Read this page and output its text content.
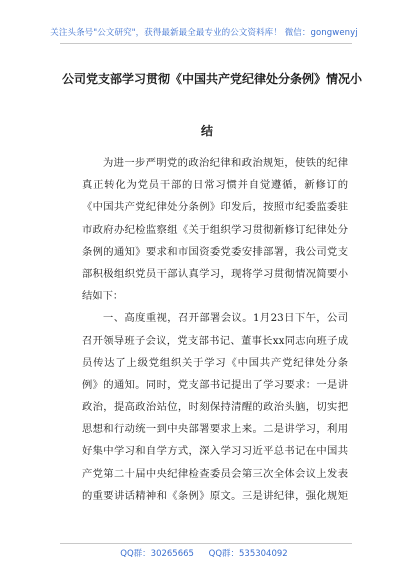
关注头条号"公文研究"，获得最新最全最专业的公文资料库！ 微信：gongwenyj
公司党支部学习贯彻《中国共产党纪律处分条例》情况小
结
为进一步严明党的政治纪律和政治规矩，使铁的纪律
真正转化为党员干部的日常习惯并自觉遵循，新修订的
《中国共产党纪律处分条例》印发后，按照市纪委监委驻
市政府办纪检监察组《关于组织学习贯彻新修订纪律处分
条例的通知》要求和市国资委党委安排部署，我公司党支
部积极组织党员干部认真学习，现将学习贯彻情况简要小
结如下：
一、高度重视，召开部署会议。1月23日下午，公司
召开领导班子会议，党支部书记、董事长xx同志向班子成
员传达了上级党组织关于学习《中国共产党纪律处分条
例》的通知。同时，党支部书记提出了学习要求：一是讲
政治，提高政治站位，时刻保持清醒的政治头脑，切实把
思想和行动统一到中央部署要求上来。二是讲学习，利用
好集中学习和自学方式，深入学习习近平总书记在中国共
产党第二十届中央纪律检查委员会第三次全体会议上发表
的重要讲话精神和《条例》原文。三是讲纪律，强化规矩
QQ群：30265665 QQ群：535304092
